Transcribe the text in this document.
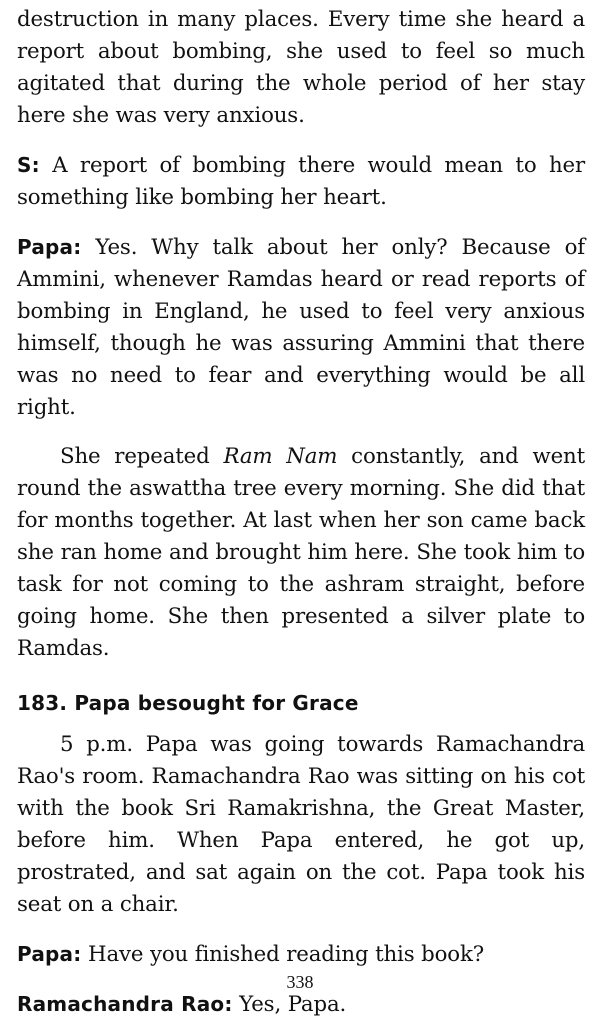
destruction in many places. Every time she heard a report about bombing, she used to feel so much agitated that during the whole period of her stay here she was very anxious.

S: A report of bombing there would mean to her something like bombing her heart.

Papa: Yes. Why talk about her only? Because of Ammini, whenever Ramdas heard or read reports of bombing in England, he used to feel very anxious himself, though he was assuring Ammini that there was no need to fear and everything would be all right.

She repeated Ram Nam constantly, and went round the aswattha tree every morning. She did that for months together. At last when her son came back she ran home and brought him here. She took him to task for not coming to the ashram straight, before going home. She then presented a silver plate to Ramdas.

183. Papa besought for Grace

5 p.m. Papa was going towards Ramachandra Rao's room. Ramachandra Rao was sitting on his cot with the book Sri Ramakrishna, the Great Master, before him. When Papa entered, he got up, prostrated, and sat again on the cot. Papa took his seat on a chair.

Papa: Have you finished reading this book?

Ramachandra Rao: Yes, Papa.

338
